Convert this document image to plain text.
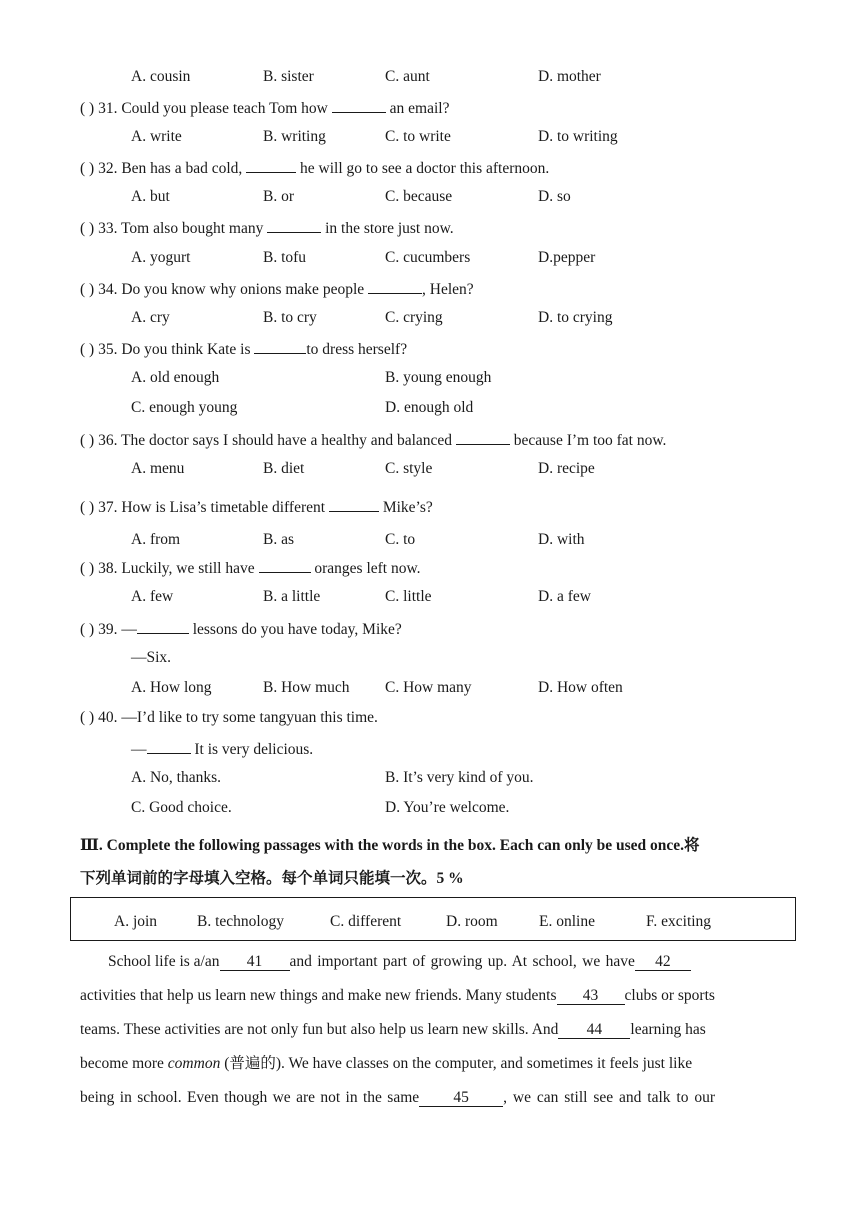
A. cousin	B. sister	C. aunt	D. mother
( ) 31. Could you please teach Tom how	an email?
A. write	B. writing	C. to write	D. to writing
( ) 32. Ben has a bad cold,	he will go to see a doctor this afternoon.
A. but	B. or	C. because	D. so
( ) 33. Tom also bought many	in the store just now.
A. yogurt	B. tofu	C. cucumbers	D.pepper
( ) 34. Do you know why onions make people	, Helen?
A. cry	B. to cry	C. crying	D. to crying
( ) 35. Do you think Kate is	to dress herself?
A. old enough	B. young enough
C. enough young	D. enough old
( ) 36. The doctor says I should have a healthy and balanced	because I’m too fat now.
A. menu	B. diet	C. style	D. recipe
( ) 37. How is Lisa’s timetable different	Mike’s?
A. from	B. as	C. to	D. with
( ) 38. Luckily, we still have	oranges left now.
A. few	B. a little	C. little	D. a few
( ) 39. —	lessons do you have today, Mike?
—Six.
A. How long	B. How much C. How many	D. How often
( ) 40. —I’d like to try some tangyuan this time.
—	It is very delicious.
A. No, thanks.	B. It’s very kind of you.
C. Good choice.	D. You’re welcome.
Ⅲ. Complete the following passages with the words in the box. Each can only be used once.将
下列单词前的字母填入空格。每个单词只能填一次。5 %
A. join	B. technology	C. different	D. room	E. online	F. exciting
School life is a/an 41 and important part of growing up. At school, we have 42
activities that help us learn new things and make new friends. Many students 43 clubs or sports
teams. These activities are not only fun but also help us learn new skills. And 44 learning has
become more common (普遍的). We have classes on the computer, and sometimes it feels just like
being in school. Even though we are not in the same 45 , we can still see and talk to our
